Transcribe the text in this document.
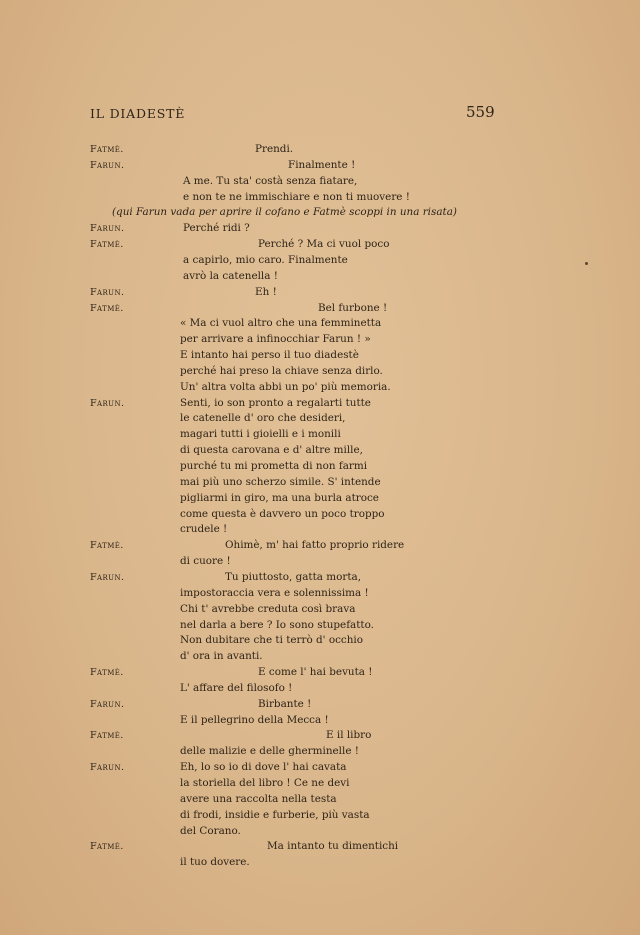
IL DIADESTÈ	559
Fatmè.	Prendi.
Farun.	Finalmente !
A me. Tu sta' costà senza fiatare,
e non te ne immischiare e non ti muovere !
(qui Farun vada per aprire il cofano e Fatmè scoppi in una risata)
Farun.	Perché ridi ?
Fatmè.	Perché ? Ma ci vuol poco
a capirlo, mio caro. Finalmente
avrò la catenella !
Farun.	Eh !
Fatmè.	Bel furbone !
« Ma ci vuol altro che una femminetta
per arrivare a infinocchiar Farun ! »
E intanto hai perso il tuo diadestè
perché hai preso la chiave senza dirlo.
Un' altra volta abbi un po' più memoria.
Farun.	Senti, io son pronto a regalarti tutte
le catenelle d' oro che desideri,
magari tutti i gioielli e i monili
di questa carovana e d' altre mille,
purché tu mi prometta di non farmi
mai più uno scherzo simile. S' intende
pigliarmi in giro, ma una burla atroce
come questa è davvero un poco troppo
crudele !
Fatmè.	Ohimè, m' hai fatto proprio ridere
di cuore !
Farun.	Tu piuttosto, gatta morta,
impostoraccia vera e solennissima !
Chi t' avrebbe creduta così brava
nel darla a bere ? Io sono stupefatto.
Non dubitare che ti terrò d' occhio
d' ora in avanti.
Fatmè.	E come l' hai bevuta !
L' affare del filosofo !
Farun.	Birbante !
E il pellegrino della Mecca !
Fatmè.	E il libro
delle malizie e delle gherminelle !
Farun.	Eh, lo so io di dove l' hai cavata
la storiella del libro ! Ce ne devi
avere una raccolta nella testa
di frodi, insidie e furberie, più vasta
del Corano.
Fatmè.	Ma intanto tu dimentichi
il tuo dovere.
